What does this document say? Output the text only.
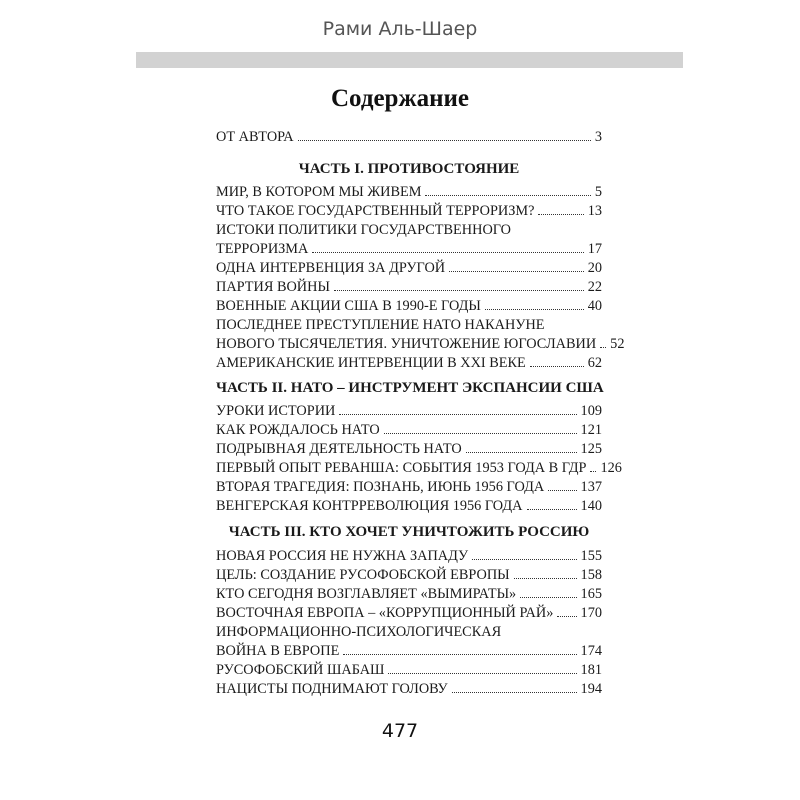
Рами Аль-Шаер
Содержание
ОТ АВТОРА	3
ЧАСТЬ I. ПРОТИВОСТОЯНИЕ
МИР, В КОТОРОМ МЫ ЖИВЕМ	5
ЧТО ТАКОЕ ГОСУДАРСТВЕННЫЙ ТЕРРОРИЗМ?	13
ИСТОКИ ПОЛИТИКИ ГОСУДАРСТВЕННОГО
ТЕРРОРИЗМА	17
ОДНА ИНТЕРВЕНЦИЯ ЗА ДРУГОЙ	20
ПАРТИЯ ВОЙНЫ	22
ВОЕННЫЕ АКЦИИ США В 1990-Е ГОДЫ	40
ПОСЛЕДНЕЕ ПРЕСТУПЛЕНИЕ НАТО НАКАНУНЕ
НОВОГО ТЫСЯЧЕЛЕТИЯ. УНИЧТОЖЕНИЕ ЮГОСЛАВИИ 52
АМЕРИКАНСКИЕ ИНТЕРВЕНЦИИ В XXI ВЕКЕ	62
ЧАСТЬ II. НАТО – ИНСТРУМЕНТ ЭКСПАНСИИ США
УРОКИ ИСТОРИИ	109
КАК РОЖДАЛОСЬ НАТО	121
ПОДРЫВНАЯ ДЕЯТЕЛЬНОСТЬ НАТО	125
ПЕРВЫЙ ОПЫТ РЕВАНША: СОБЫТИЯ 1953 ГОДА В ГДР 126
ВТОРАЯ ТРАГЕДИЯ: ПОЗНАНЬ, ИЮНЬ 1956 ГОДА	137
ВЕНГЕРСКАЯ КОНТРРЕВОЛЮЦИЯ 1956 ГОДА	140
ЧАСТЬ III. КТО ХОЧЕТ УНИЧТОЖИТЬ РОССИЮ
НОВАЯ РОССИЯ НЕ НУЖНА ЗАПАДУ	155
ЦЕЛЬ: СОЗДАНИЕ РУСОФОБСКОЙ ЕВРОПЫ	158
КТО СЕГОДНЯ ВОЗГЛАВЛЯЕТ «ВЫМИРАТЫ»	165
ВОСТОЧНАЯ ЕВРОПА – «КОРРУПЦИОННЫЙ РАЙ» 170
ИНФОРМАЦИОННО-ПСИХОЛОГИЧЕСКАЯ
ВОЙНА В ЕВРОПЕ	174
РУСОФОБСКИЙ ШАБАШ	181
НАЦИСТЫ ПОДНИМАЮТ ГОЛОВУ	194
477
